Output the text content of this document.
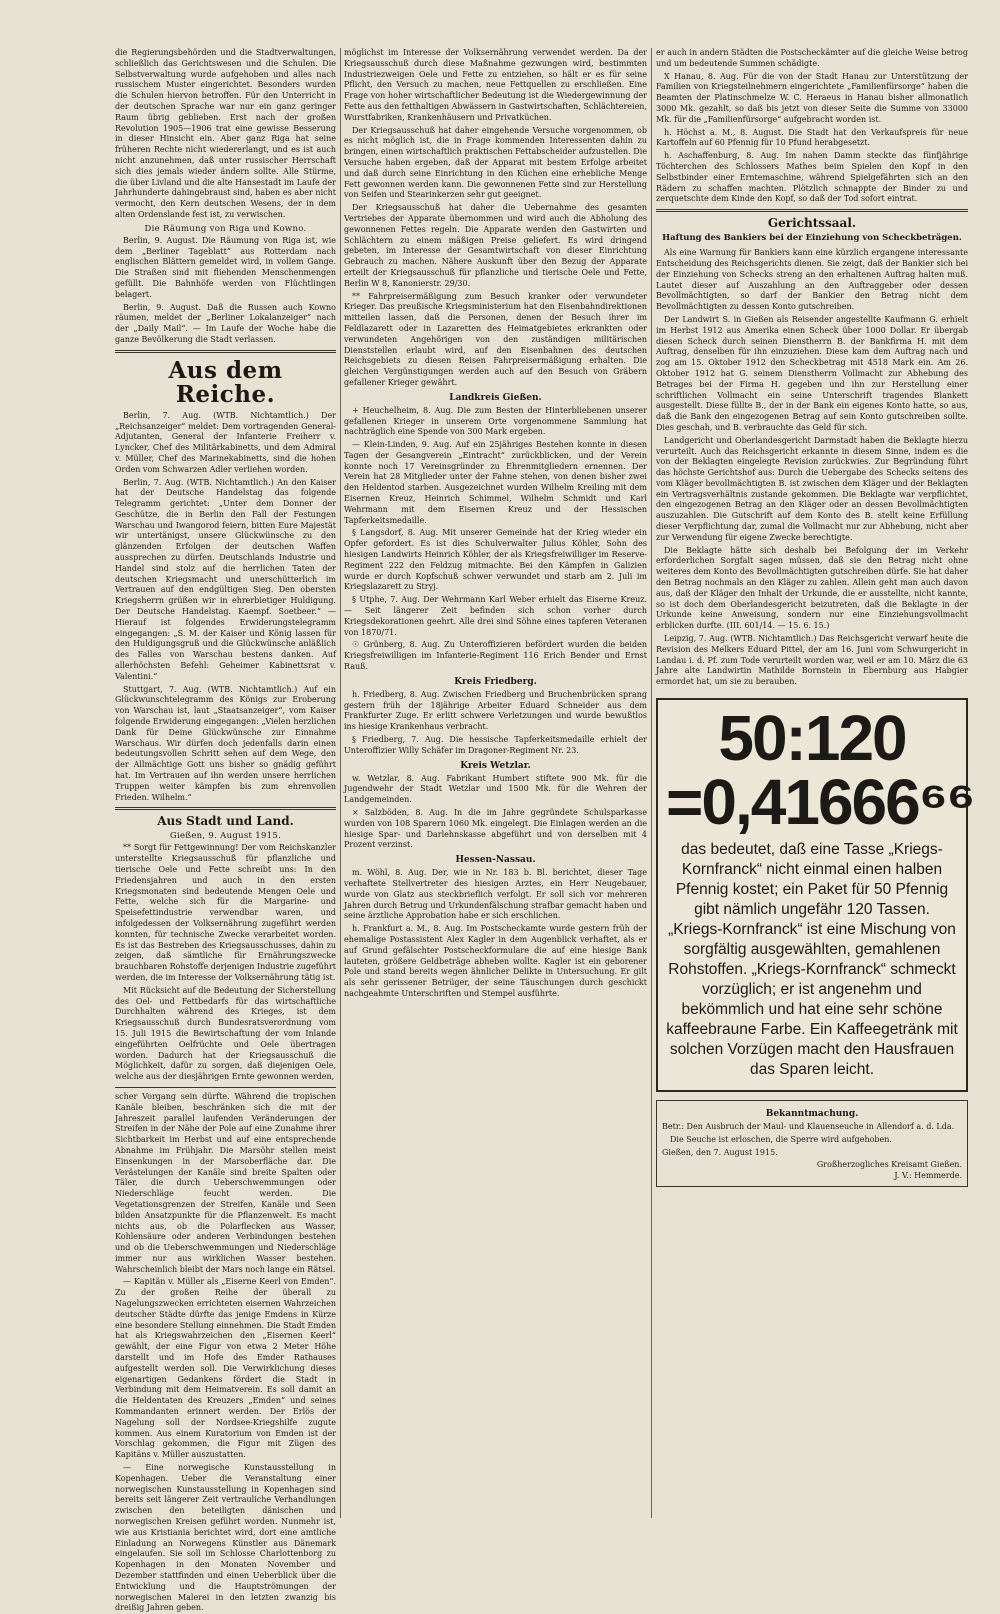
die Regierungsbehörden und die Stadtverwaltungen, schließlich das Gerichtswesen und die Schulen. Die Selbstverwaltung wurde aufgehoben und alles nach russischem Muster eingerichtet. Besonders wurden die Schulen hiervon betroffen. Für den Unterricht in der deutschen Sprache war nur ein ganz geringer Raum übrig geblieben. Erst nach der großen Revolution 1905—1906 trat eine gewisse Besserung in dieser Hinsicht ein. Aber ganz Riga hat seine früheren Rechte nicht wiedererlangt, und es ist auch nicht anzunehmen, daß unter russischer Herrschaft sich dies jemals wieder ändern sollte. Alle Stürme, die über Livland und die alte Hansestadt im Laufe der Jahrhunderte dahingebraust sind, haben es aber nicht vermocht, den Kern deutschen Wesens, der in dem alten Ordenslande fest ist, zu verwischen.

Die Räumung von Riga und Kowno.

Berlin, 9. August. Die Räumung von Riga ist, wie dem „Berliner Tageblatt“ aus Rotterdam nach englischen Blättern gemeldet wird, in vollem Gange. Die Straßen sind mit fliehenden Menschenmengen gefüllt. Die Bahnhöfe werden von Flüchtlingen belagert.

Berlin, 9. August. Daß die Russen auch Kowno räumen, meldet der „Berliner Lokalanzeiger“ nach der „Daily Mail“. — Im Laufe der Woche habe die ganze Bevölkerung die Stadt verlassen.

Aus dem Reiche.

Berlin, 7. Aug. (WTB. Nichtamtlich.) Der „Reichsanzeiger“ meldet: Dem vortragenden General-Adjutanten, General der Infanterie Freiherr v. Lyncker, Chef des Militärkabinetts, und dem Admiral v. Müller, Chef des Marinekabinetts, sind die hohen Orden vom Schwarzen Adler verliehen worden.

Berlin, 7. Aug. (WTB. Nichtamtlich.) An den Kaiser hat der Deutsche Handelstag das folgende Telegramm gerichtet: „Unter dem Donner der Geschütze, die in Berlin den Fall der Festungen Warschau und Iwangorod feiern, bitten Eure Majestät wir untertänigst, unsere Glückwünsche zu den glänzenden Erfolgen der deutschen Waffen aussprechen zu dürfen. Deutschlands Industrie und Handel sind stolz auf die herrlichen Taten der deutschen Kriegsmacht und unerschütterlich im Vertrauen auf den endgültigen Sieg. Den obersten Kriegsherrn grüßen wir in ehrerbietiger Huldigung. Der Deutsche Handelstag. Kaempf. Soetbeer.“ — Hierauf ist folgendes Erwiderungstelegramm eingegangen: „S. M. der Kaiser und König lassen für den Huldigungsgruß und die Glückwünsche anläßlich des Falles von Warschau bestens danken. Auf allerhöchsten Befehl: Geheimer Kabinettsrat v. Valentini.“

Stuttgart, 7. Aug. (WTB. Nichtamtlich.) Auf ein Glückwunschtelegramm des Königs zur Eroberung von Warschau ist, laut „Staatsanzeiger“, vom Kaiser folgende Erwiderung eingegangen: „Vielen herzlichen Dank für Deine Glückwünsche zur Einnahme Warschaus. Wir dürfen doch jedenfalls darin einen bedeutungsvollen Schritt sehen auf dem Wege, den der Allmächtige Gott uns bisher so gnädig geführt hat. Im Vertrauen auf ihn werden unsere herrlichen Truppen weiter kämpfen bis zum ehrenvollen Frieden. Wilhelm.“

Aus Stadt und Land.
Gießen, 9. August 1915.

** Sorgt für Fettgewinnung! Der vom Reichskanzler unterstellte Kriegsausschuß für pflanzliche und tierische Oele und Fette schreibt uns: In den Friedensjahren und auch in den ersten Kriegsmonaten sind bedeutende Mengen Oele und Fette, welche sich für die Margarine- und Speisefettindustrie verwendbar waren, und infolgedessen der Volksernährung zugeführt werden konnten, für technische Zwecke verarbeitet worden. Es ist das Bestreben des Kriegsausschusses, dahin zu zeigen, daß sämtliche für Ernährungszwecke brauchbaren Rohstoffe derjenigen Industrie zugeführt werden, die im Interesse der Volksernährung tätig ist.

Mit Rücksicht auf die Bedeutung der Sicherstellung des Oel- und Fettbedarfs für das wirtschaftliche Durchhalten während des Krieges, ist dem Kriegsausschuß durch Bundesratsverordnung vom 15. Juli 1915 die Bewirtschaftung der vom Inlande eingeführten Oelfrüchte und Oele übertragen worden. Dadurch hat der Kriegsausschuß die Möglichkeit, dafür zu sorgen, daß diejenigen Oele, welche aus der diesjährigen Ernte gewonnen werden,

scher Vorgang sein dürfte. Während die tropischen Kanäle bleiben, beschränken sich die mit der Jahreszeit parallel laufenden Veränderungen der Streifen in der Nähe der Pole auf eine Zunahme ihrer Sichtbarkeit im Herbst und auf eine entsprechende Abnahme im Frühjahr. Die Marsöhr stellen meist Einsenkungen in der Marsoberfläche dar. Die Verästelungen der Kanäle sind breite Spalten oder Täler, die durch Ueberschwemmungen oder Niederschläge feucht werden. Die Vegetationsgrenzen der Streifen, Kanäle und Seen bilden Ansatzpunkte für die Pflanzenwelt. Es macht nichts aus, ob die Polarflecken aus Wasser, Kohlensäure oder anderen Verbindungen bestehen und ob die Ueberschwemmungen und Niederschläge immer nur aus wirklichen Wasser bestehen. Wahrscheinlich bleibt der Mars noch lange ein Rätsel.

— Kapitän v. Müller als „Eiserne Keerl von Emden“. Zu der großen Reihe der überall zu Nagelungszwecken errichteten eisernen Wahrzeichen deutscher Städte dürfte das jenige Emdens in Kürze eine besondere Stellung einnehmen. Die Stadt Emden hat als Kriegswahrzeichen den „Eisernen Keerl“ gewählt, der eine Figur von etwa 2 Meter Höhe darstellt und im Hofe des Emder Rathauses aufgestellt werden soll. Die Verwirklichung dieses eigenartigen Gedankens fördert die Stadt in Verbindung mit dem Heimatverein. Es soll damit an die Heldentaten des Kreuzers „Emden“ und seines Kommandanten erinnert werden. Der Erlös der Nagelung soll der Nordsee-Kriegshilfe zugute kommen. Aus einem Kuratorium von Emden ist der Vorschlag gekommen, die Figur mit Zügen des Kapitäns v. Müller auszustatten.

— Eine norwegische Kunstausstellung in Kopenhagen. Ueber die Veranstaltung einer norwegischen Kunstausstellung in Kopenhagen sind bereits seit längerer Zeit vertrauliche Verhandlungen zwischen den beteiligten dänischen und norwegischen Kreisen geführt worden. Nunmehr ist, wie aus Kristiania berichtet wird, dort eine amtliche Einladung an Norwegens Künstler aus Dänemark eingelaufen. Sie soll im Schlosse Charlottenborg zu Kopenhagen in den Monaten November und Dezember stattfinden und einen Ueberblick über die Entwicklung und die Hauptströmungen der norwegischen Malerei in den letzten zwanzig bis dreißig Jahren geben.

möglichst im Interesse der Volksernährung verwendet werden. Da der Kriegsausschuß durch diese Maßnahme gezwungen wird, bestimmten Industriezweigen Oele und Fette zu entziehen, so hält er es für seine Pflicht, den Versuch zu machen, neue Fettquellen zu erschließen. Eine Frage von hoher wirtschaftlicher Bedeutung ist die Wiedergewinnung der Fette aus den fetthaltigen Abwässern in Gastwirtschaften, Schlächtereien, Wurstfabriken, Krankenhäusern und Privatküchen.

Der Kriegsausschuß hat daher eingehende Versuche vorgenommen, ob es nicht möglich ist, die in Frage kommenden Interessenten dahin zu bringen, einen wirtschaftlich praktischen Fettabscheider aufzustellen. Die Versuche haben ergeben, daß der Apparat mit bestem Erfolge arbeitet und daß durch seine Einrichtung in den Küchen eine erhebliche Menge Fett gewonnen werden kann. Die gewonnenen Fette sind zur Herstellung von Seifen und Stearinkerzen sehr gut geeignet.

Der Kriegsausschuß hat daher die Uebernahme des gesamten Vertriebes der Apparate übernommen und wird auch die Abholung des gewonnenen Fettes regeln. Die Apparate werden den Gastwirten und Schlächtern zu einem mäßigen Preise geliefert. Es wird dringend gebeten, im Interesse der Gesamtwirtschaft von dieser Einrichtung Gebrauch zu machen. Nähere Auskunft über den Bezug der Apparate erteilt der Kriegsausschuß für pflanzliche und tierische Oele und Fette, Berlin W 8, Kanonierstr. 29/30.

** Fahrpreisermäßigung zum Besuch kranker oder verwundeter Krieger. Das preußische Kriegsministerium hat den Eisenbahndirektionen mitteilen lassen, daß die Personen, denen der Besuch ihrer im Feldlazarett oder in Lazaretten des Heimatgebietes erkrankten oder verwundeten Angehörigen von den zuständigen militärischen Dienststellen erlaubt wird, auf den Eisenbahnen des deutschen Reichsgebiets zu diesen Reisen Fahrpreisermäßigung erhalten. Die gleichen Vergünstigungen werden auch auf den Besuch von Gräbern gefallener Krieger gewährt.

Landkreis Gießen.

+ Heuchelheim, 8. Aug. Die zum Besten der Hinterbliebenen unserer gefallenen Krieger in unserem Orte vorgenommene Sammlung hat nachträglich eine Spende von 300 Mark ergeben.

— Klein-Linden, 9. Aug. Auf ein 25jähriges Bestehen konnte in diesen Tagen der Gesangverein „Eintracht“ zurückblicken, und der Verein konnte noch 17 Vereinsgründer zu Ehrenmitgliedern ernennen. Der Verein hat 28 Mitglieder unter der Fahne stehen, von denen bisher zwei den Heldentod starben. Ausgezeichnet wurden Wilhelm Kreiling mit dem Eisernen Kreuz, Heinrich Schimmel, Wilhelm Schmidt und Karl Wehrmann mit dem Eisernen Kreuz und der Hessischen Tapferkeitsmedaille.

§ Langsdorf, 8. Aug. Mit unserer Gemeinde hat der Krieg wieder ein Opfer gefordert. Es ist dies Schulverwalter Julius Köhler, Sohn des hiesigen Landwirts Heinrich Köhler, der als Kriegsfreiwilliger im Reserve-Regiment 222 den Feldzug mitmachte. Bei den Kämpfen in Galizien wurde er durch Kopfschuß schwer verwundet und starb am 2. Juli im Kriegslazarett zu Stryj.

§ Utphe, 7. Aug. Der Wehrmann Karl Weber erhielt das Eiserne Kreuz. — Seit längerer Zeit befinden sich schon vorher durch Kriegsdekorationen geehrt. Alle drei sind Söhne eines tapferen Veteranen von 1870/71.

☉ Grünberg, 8. Aug. Zu Unteroffizieren befördert wurden die beiden Kriegsfreiwilligen im Infanterie-Regiment 116 Erich Bender und Ernst Rauß.

Kreis Friedberg.

h. Friedberg, 8. Aug. Zwischen Friedberg und Bruchenbrücken sprang gestern früh der 18jährige Arbeiter Eduard Schneider aus dem Frankfurter Zuge. Er erlitt schwere Verletzungen und wurde bewußtlos ins hiesige Krankenhaus verbracht.

§ Friedberg, 7. Aug. Die hessische Tapferkeitsmedaille erhielt der Unteroffizier Willy Schäfer im Dragoner-Regiment Nr. 23.

Kreis Wetzlar.

w. Wetzlar, 8. Aug. Fabrikant Humbert stiftete 900 Mk. für die Jugendwehr der Stadt Wetzlar und 1500 Mk. für die Wehren der Landgemeinden.

× Salzböden, 8. Aug. In die im Jahre gegründete Schulsparkasse wurden von 108 Sparern 1060 Mk. eingelegt. Die Einlagen werden an die hiesige Spar- und Darlehnskasse abgeführt und von derselben mit 4 Prozent verzinst.

Hessen-Nassau.

m. Wöhl, 8. Aug. Der, wie in Nr. 183 b. Bl. berichtet, dieser Tage verhaftete Stellvertreter des hiesigen Arztes, ein Herr Neugebauer, wurde von Glatz aus steckbrieflich verfolgt. Er soll sich vor mehreren Jahren durch Betrug und Urkundenfälschung strafbar gemacht haben und seine ärztliche Approbation habe er sich erschlichen.

h. Frankfurt a. M., 8. Aug. Im Postscheckamte wurde gestern früh der ehemalige Postassistent Alex Kagler in dem Augenblick verhaftet, als er auf Grund gefälschter Postscheckformulare die auf eine hiesige Bank lauteten, größere Geldbeträge abheben wollte. Kagler ist ein geborener Pole und stand bereits wegen ähnlicher Delikte in Untersuchung. Er gilt als sehr gerissener Betrüger, der seine Täuschungen durch geschickt nachgeahmte Unterschriften und Stempel ausführte.

er auch in andern Städten die Postscheckämter auf die gleiche Weise betrog und um bedeutende Summen schädigte.

X Hanau, 8. Aug. Für die von der Stadt Hanau zur Unterstützung der Familien von Kriegsteilnehmern eingerichtete „Familienfürsorge“ haben die Beamten der Platinschmelze W. C. Heraeus in Hanau bisher allmonatlich 3000 Mk. gezahlt, so daß bis jetzt von dieser Seite die Summe von 33000 Mk. für die „Familienfürsorge“ aufgebracht worden ist.

h. Höchst a. M., 8. August. Die Stadt hat den Verkaufspreis für neue Kartoffeln auf 60 Pfennig für 10 Pfund herabgesetzt.

h. Aschaffenburg, 8. Aug. Im nahen Damm steckte das fünfjährige Töchterchen des Schlossers Mathes beim Spielen den Kopf in den Selbstbinder einer Erntemaschine, während Spielgefährten sich an den Rädern zu schaffen machten. Plötzlich schnappte der Binder zu und zerquetschte dem Kinde den Kopf, so daß der Tod sofort eintrat.

Gerichtssaal.
Haftung des Bankiers bei der Einziehung von Scheckbeträgen.

Als eine Warnung für Bankiers kann eine kürzlich ergangene interessante Entscheidung des Reichsgerichts dienen. Sie zeigt, daß der Bankier sich bei der Einziehung von Schecks streng an den erhaltenen Auftrag halten muß. Lautet dieser auf Auszahlung an den Auftraggeber oder dessen Bevollmächtigten, so darf der Bankier den Betrag nicht dem Bevollmächtigten zu dessen Konto gutschreiben.

Der Landwirt S. in Gießen als Reisender angestellte Kaufmann G. erhielt im Herbst 1912 aus Amerika einen Scheck über 1000 Dollar. Er übergab diesen Scheck durch seinen Dienstherrn B. der Bankfirma H. mit dem Auftrag, denselben für ihn einzuziehen. Diese kam dem Auftrag nach und zog am 15. Oktober 1912 den Scheckbetrag mit 4518 Mark ein. Am 26. Oktober 1912 hat G. seinem Dienstherrn Vollmacht zur Abhebung des Betrages bei der Firma H. gegeben und ihn zur Herstellung einer schriftlichen Vollmacht ein seine Unterschrift tragendes Blankett ausgestellt. Diese füllte B., der in der Bank ein eigenes Konto hatte, so aus, daß die Bank den eingezogenen Betrag auf sein Konto gutschreiben sollte. Dies geschah, und B. verbrauchte das Geld für sich.

Landgericht und Oberlandesgericht Darmstadt haben die Beklagte hierzu verurteilt. Auch das Reichsgericht erkannte in diesem Sinne, indem es die von der Beklagten eingelegte Revision zurückwies. Zur Begründung führt das höchste Gerichtshof aus: Durch die Uebergabe des Schecks seitens des vom Kläger bevollmächtigten B. ist zwischen dem Kläger und der Beklagten ein Vertragsverhältnis zustande gekommen. Die Beklagte war verpflichtet, den eingezogenen Betrag an den Kläger oder an dessen Bevollmächtigten auszuzahlen. Die Gutschrift auf dem Konto des B. stellt keine Erfüllung dieser Verpflichtung dar, zumal die Vollmacht nur zur Abhebung, nicht aber zur Verwendung für eigene Zwecke berechtigte.

Die Beklagte hätte sich deshalb bei Befolgung der im Verkehr erforderlichen Sorgfalt sagen müssen, daß sie den Betrag nicht ohne weiteres dem Konto des Bevollmächtigten gutschreiben dürfe. Sie hat daher den Betrag nochmals an den Kläger zu zahlen. Allein geht man auch davon aus, daß der Kläger den Inhalt der Urkunde, die er ausstellte, nicht kannte, so ist doch dem Oberlandesgericht beizutreten, daß die Beklagte in der Urkunde keine Anweisung, sondern nur eine Einziehungsvollmacht erblicken durfte. (III. 601/14. — 15. 6. 15.)

Leipzig, 7. Aug. (WTB. Nichtamtlich.) Das Reichsgericht verwarf heute die Revision des Melkers Eduard Pittel, der am 16. Juni vom Schwurgericht in Landau i. d. Pf. zum Tode verurteilt worden war, weil er am 10. März die 63 Jahre alte Landwirtin Mathilde Bornstein in Ebernburg aus Habgier ermordet hat, um sie zu berauben.

50:120
=0,41666⁶⁶
das bedeutet, daß eine Tasse „Kriegs-Kornfranck“ nicht einmal einen halben Pfennig kostet; ein Paket für 50 Pfennig gibt nämlich ungefähr 120 Tassen. „Kriegs-Kornfranck“ ist eine Mischung von sorgfältig ausgewählten, gemahlenen Rohstoffen. „Kriegs-Kornfranck“ schmeckt vorzüglich; er ist angenehm und bekömmlich und hat eine sehr schöne kaffeebraune Farbe. Ein Kaffeegetränk mit solchen Vorzügen macht den Hausfrauen das Sparen leicht.
Bekanntmachung.

Betr.: Den Ausbruch der Maul- und Klauenseuche in Allendorf a. d. Lda.

Die Seuche ist erloschen, die Sperre wird aufgehoben.

Gießen, den 7. August 1915.

Großherzogliches Kreisamt Gießen.
J. V.: Hemmerde.
